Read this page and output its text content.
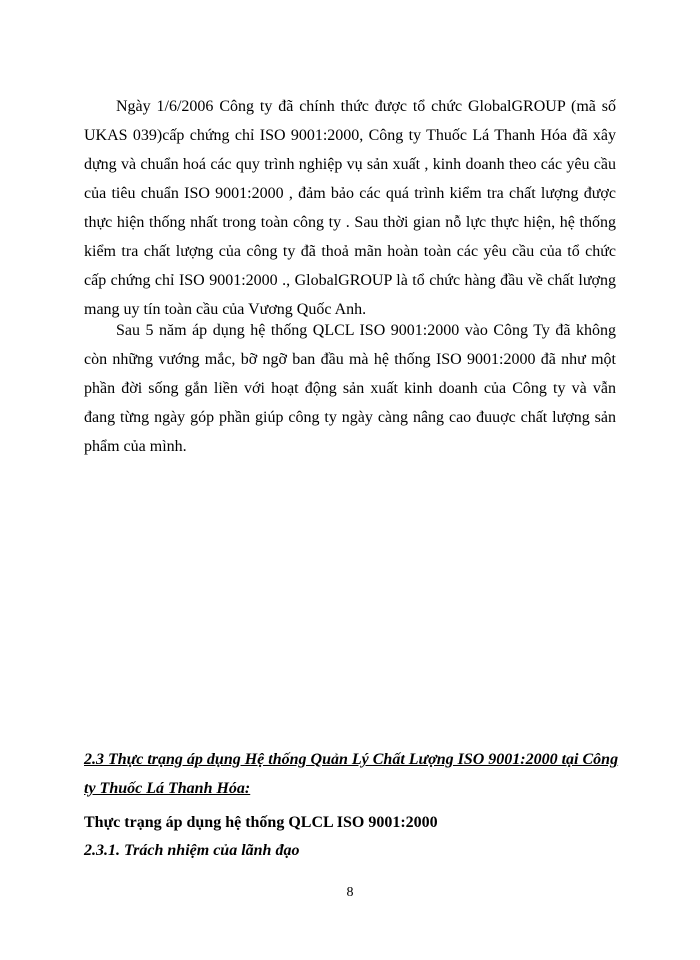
Ngày 1/6/2006 Công ty đã chính thức được tổ chức GlobalGROUP (mã số UKAS 039)cấp chứng chỉ ISO 9001:2000, Công ty Thuốc Lá Thanh Hóa đã xây dựng và chuẩn hoá các quy trình nghiệp vụ sản xuất , kinh doanh theo các yêu cầu của tiêu chuẩn ISO 9001:2000 , đảm bảo các quá trình kiểm tra chất lượng được thực hiện thống nhất trong toàn công ty . Sau thời gian nỗ lực thực hiện, hệ thống kiểm tra chất lượng của công ty đã thoả mãn hoàn toàn các yêu cầu của tổ chức cấp chứng chỉ ISO 9001:2000 ., GlobalGROUP là tổ chức hàng đầu về chất lượng mang uy tín toàn cầu của Vương Quốc Anh.

Sau 5 năm áp dụng hệ thống QLCL ISO 9001:2000 vào Công Ty đã không còn những vướng mắc, bỡ ngỡ ban đầu mà hệ thống ISO 9001:2000 đã như một phần đời sống gắn liền với hoạt động sản xuất kinh doanh của Công ty và vẫn đang từng ngày góp phần giúp công ty ngày càng nâng cao đuuợc chất lượng sản phẩm của mình.

2.3 Thực trạng áp dụng Hệ thống Quản Lý Chất Lượng ISO 9001:2000 tại Công ty Thuốc Lá Thanh Hóa:

Thực trạng áp dụng hệ thống QLCL ISO 9001:2000

2.3.1. Trách nhiệm của lãnh đạo

8
